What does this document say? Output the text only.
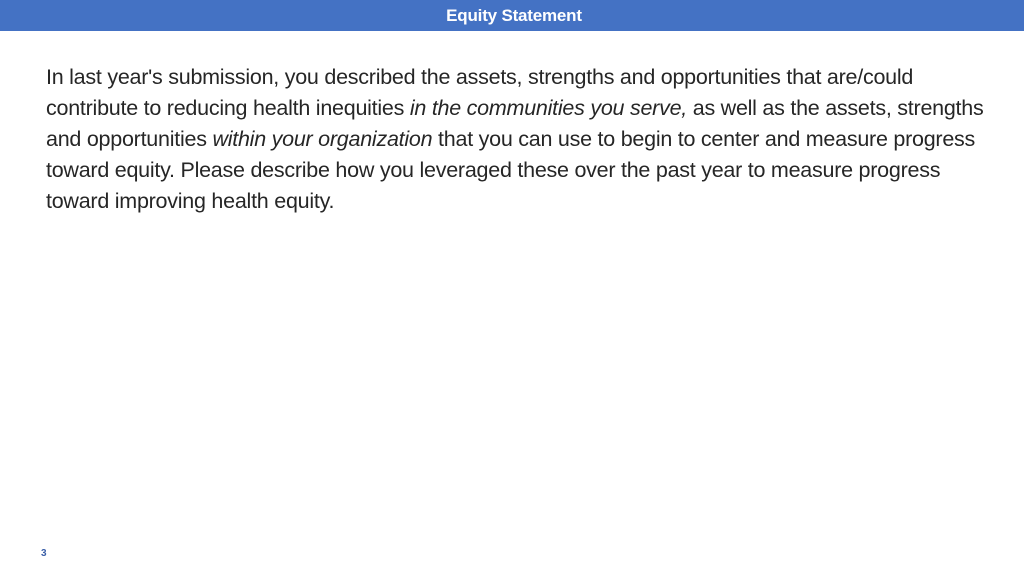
Equity Statement

In last year's submission, you described the assets, strengths and opportunities that are/could contribute to reducing health inequities in the communities you serve, as well as the assets, strengths and opportunities within your organization that you can use to begin to center and measure progress toward equity. Please describe how you leveraged these over the past year to measure progress toward improving health equity.

3
